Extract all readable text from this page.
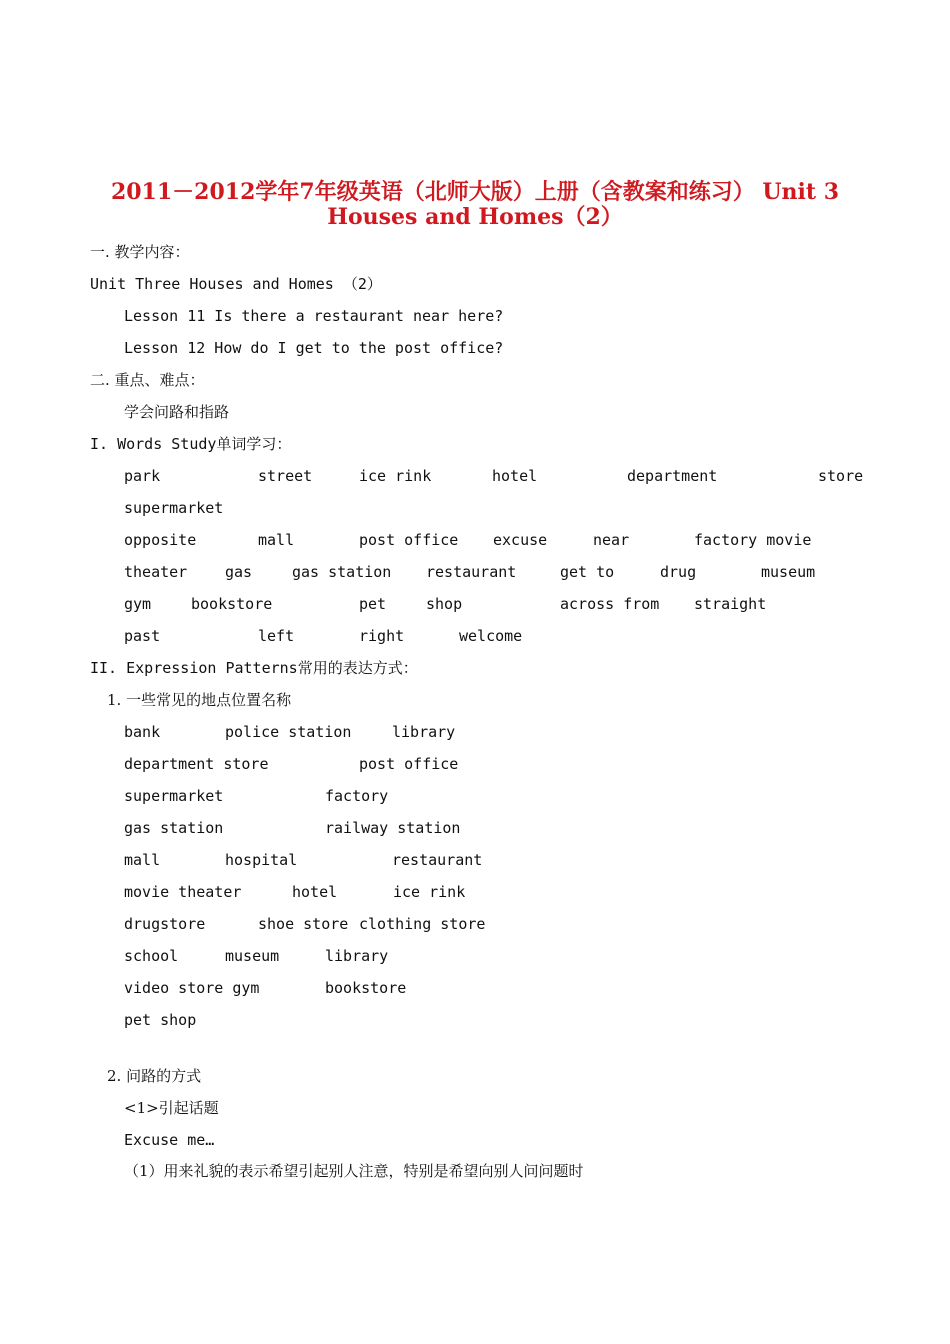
2011－2012学年7年级英语（北师大版）上册（含教案和练习） Unit 3
Houses and Homes（2）
一. 教学内容：
Unit Three Houses and Homes （2）
Lesson 11 Is there a restaurant near here?
Lesson 12 How do I get to the post office?
二. 重点、难点：
学会问路和指路
I. Words Study单词学习：
park	street	ice rink	hotel	department	store
supermarket
opposite	mall	post office excuse	near	factory movie
theater	gas	gas station restaurant	get to	drug	museum
gym	bookstore	pet	shop	across from straight
past	left	right	welcome
II. Expression Patterns常用的表达方式：
1. 一些常见的地点位置名称
bank	police station	library
department store	post office
supermarket	factory
gas station	railway station
mall	hospital	restaurant
movie theater	hotel	ice rink
drugstore	shoe store clothing store
school	museum	library
video store gym	bookstore
pet shop
2. 问路的方式
<1>引起话题
Excuse me…
（1）用来礼貌的表示希望引起别人注意，特别是希望向别人问问题时
